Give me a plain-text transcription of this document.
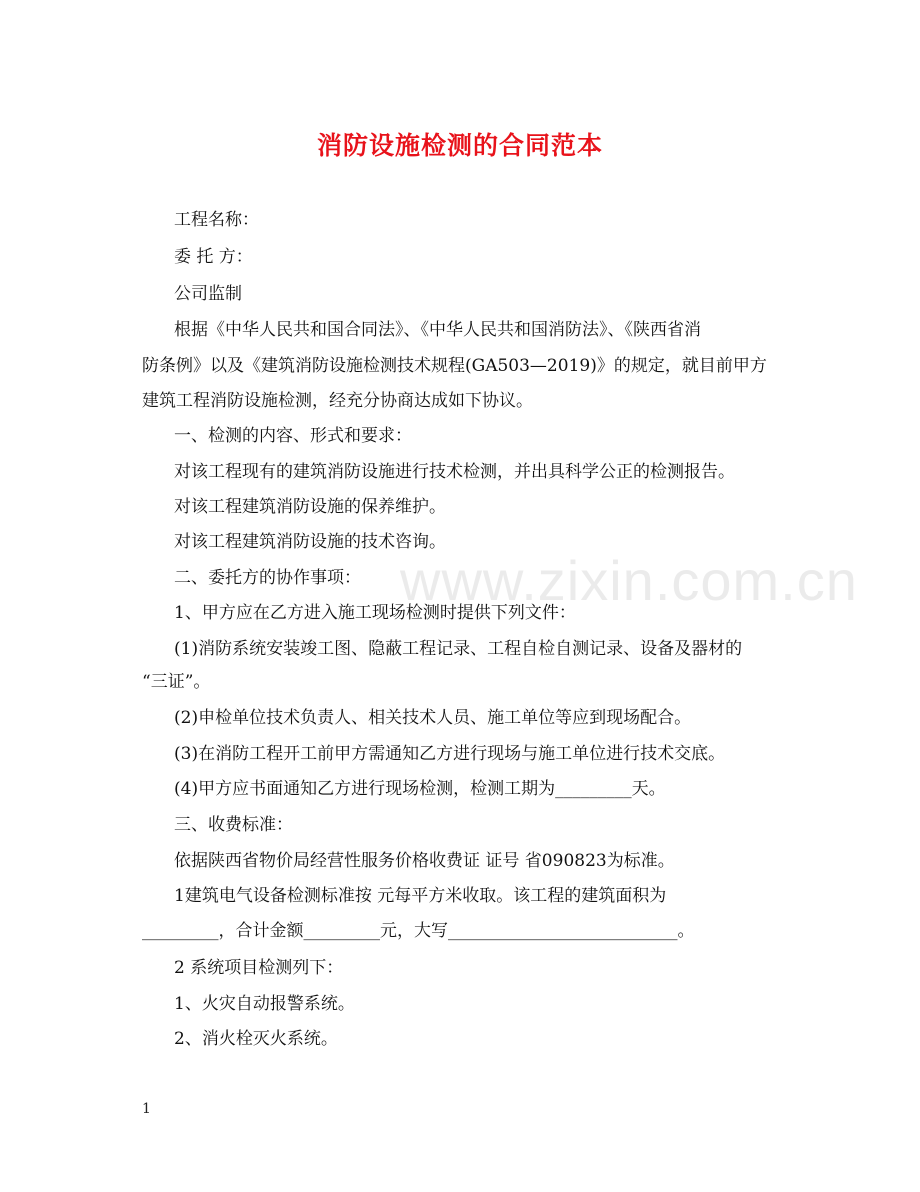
消防设施检测的合同范本

工程名称：

委 托 方：

公司监制

根据《中华人民共和国合同法》、《中华人民共和国消防法》、《陕西省消

防条例》以及《建筑消防设施检测技术规程(GA503—2019)》的规定，就目前甲方

建筑工程消防设施检测，经充分协商达成如下协议。

一、检测的内容、形式和要求：

对该工程现有的建筑消防设施进行技术检测，并出具科学公正的检测报告。

对该工程建筑消防设施的保养维护。

对该工程建筑消防设施的技术咨询。

二、委托方的协作事项：

1、甲方应在乙方进入施工现场检测时提供下列文件：

(1)消防系统安装竣工图、隐蔽工程记录、工程自检自测记录、设备及器材的

“三证”。

(2)申检单位技术负责人、相关技术人员、施工单位等应到现场配合。

(3)在消防工程开工前甲方需通知乙方进行现场与施工单位进行技术交底。

(4)甲方应书面通知乙方进行现场检测，检测工期为_________天。

三、收费标准：

依据陕西省物价局经营性服务价格收费证 证号 省090823为标准。

1建筑电气设备检测标准按 元每平方米收取。该工程的建筑面积为

_________，合计金额_________元，大写___________________________。

2 系统项目检测列下：

1、火灾自动报警系统。

2、消火栓灭火系统。

www.zixin.com.cn
1
